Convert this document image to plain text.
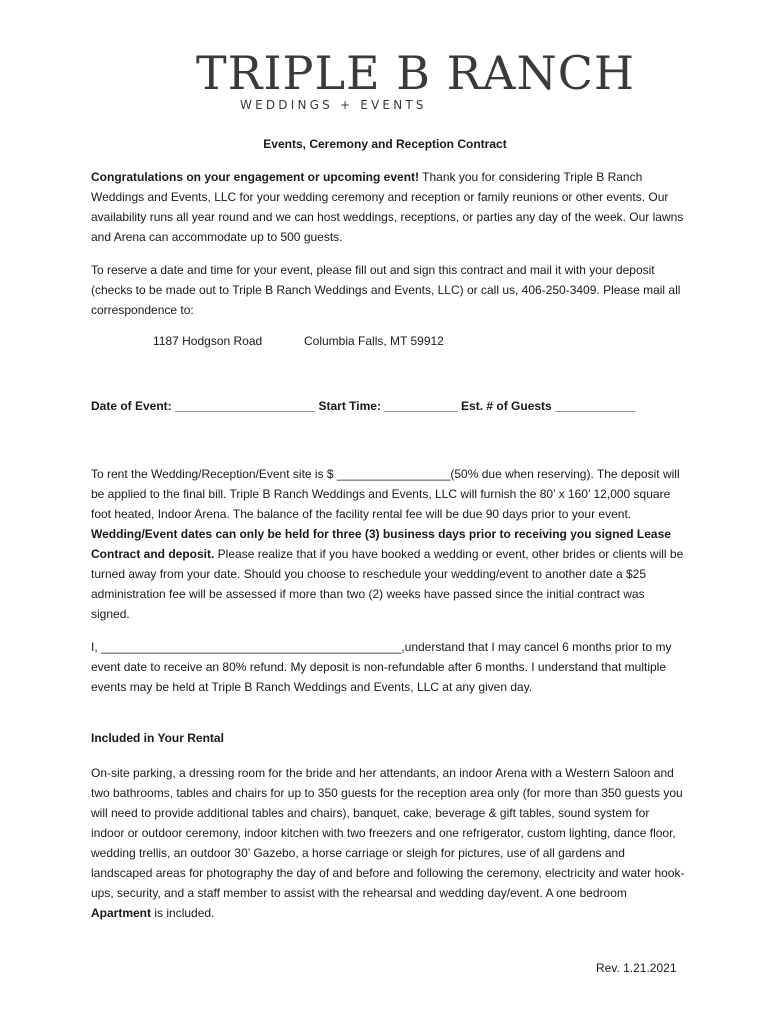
TRIPLE B RANCH
WEDDINGS + EVENTS
Events, Ceremony and Reception Contract
Congratulations on your engagement or upcoming event! Thank you for considering Triple B Ranch Weddings and Events, LLC for your wedding ceremony and reception or family reunions or other events. Our availability runs all year round and we can host weddings, receptions, or parties any day of the week. Our lawns and Arena can accommodate up to 500 guests.
To reserve a date and time for your event, please fill out and sign this contract and mail it with your deposit (checks to be made out to Triple B Ranch Weddings and Events, LLC) or call us, 406-250-3409. Please mail all correspondence to:
1187 Hodgson Road	Columbia Falls, MT 59912
Date of Event: _____________________ Start Time: ___________ Est. # of Guests ____________
To rent the Wedding/Reception/Event site is $ _________________(50% due when reserving). The deposit will be applied to the final bill. Triple B Ranch Weddings and Events, LLC will furnish the 80’ x 160’ 12,000 square foot heated, Indoor Arena. The balance of the facility rental fee will be due 90 days prior to your event. Wedding/Event dates can only be held for three (3) business days prior to receiving you signed Lease Contract and deposit. Please realize that if you have booked a wedding or event, other brides or clients will be turned away from your date. Should you choose to reschedule your wedding/event to another date a $25 administration fee will be assessed if more than two (2) weeks have passed since the initial contract was signed.
I, _____________________________________________,understand that I may cancel 6 months prior to my event date to receive an 80% refund. My deposit is non-refundable after 6 months. I understand that multiple events may be held at Triple B Ranch Weddings and Events, LLC at any given day.
Included in Your Rental
On-site parking, a dressing room for the bride and her attendants, an indoor Arena with a Western Saloon and two bathrooms, tables and chairs for up to 350 guests for the reception area only (for more than 350 guests you will need to provide additional tables and chairs), banquet, cake, beverage & gift tables, sound system for indoor or outdoor ceremony, indoor kitchen with two freezers and one refrigerator, custom lighting, dance floor, wedding trellis, an outdoor 30’ Gazebo, a horse carriage or sleigh for pictures, use of all gardens and landscaped areas for photography the day of and before and following the ceremony, electricity and water hook-ups, security, and a staff member to assist with the rehearsal and wedding day/event. A one bedroom Apartment is included.
Rev. 1.21.2021
